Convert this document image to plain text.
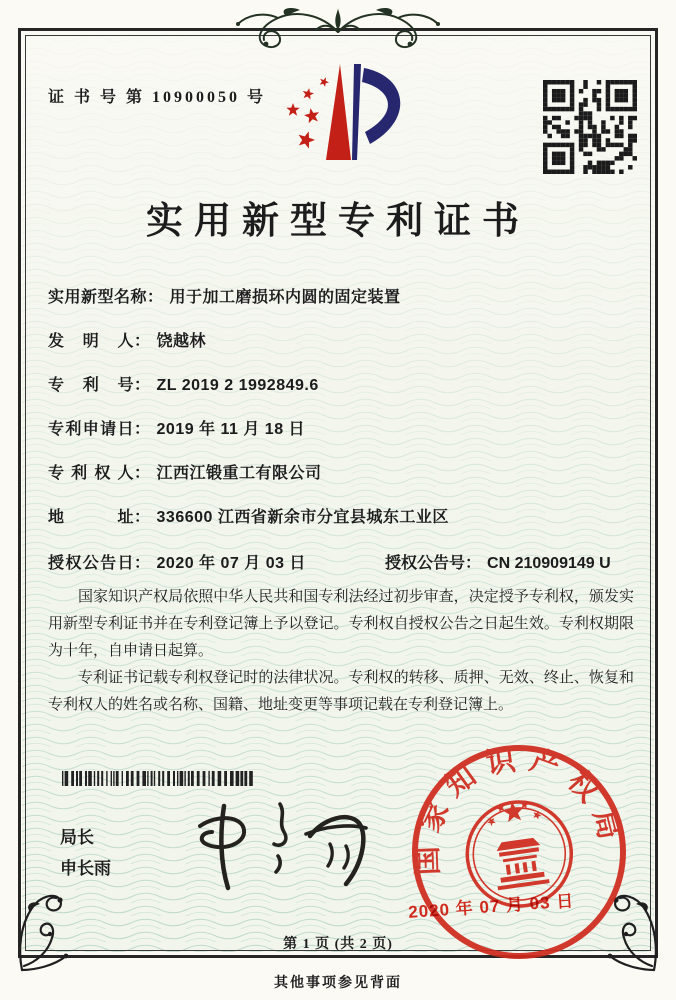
证 书 号 第 10900050 号
实用新型专利证书
实用新型名称： 用于加工磨损环内圆的固定装置
发明人： 饶越林
专利号： ZL 2019 2 1992849.6
专利申请日： 2019 年 11 月 18 日
专利权人： 江西江锻重工有限公司
地址： 336600 江西省新余市分宜县城东工业区
授权公告日： 2020 年 07 月 03 日	授权公告号： CN 210909149 U

国家知识产权局依照中华人民共和国专利法经过初步审查，决定授予专利权，颁发实用新型专利证书并在专利登记簿上予以登记。专利权自授权公告之日起生效。专利权期限为十年，自申请日起算。

专利证书记载专利权登记时的法律状况。专利权的转移、质押、无效、终止、恢复和专利权人的姓名或名称、国籍、地址变更等事项记载在专利登记簿上。

局长
申长雨	国家知识产权局
2020 年 07 月 03 日
第 1 页 (共 2 页)
其他事项参见背面
